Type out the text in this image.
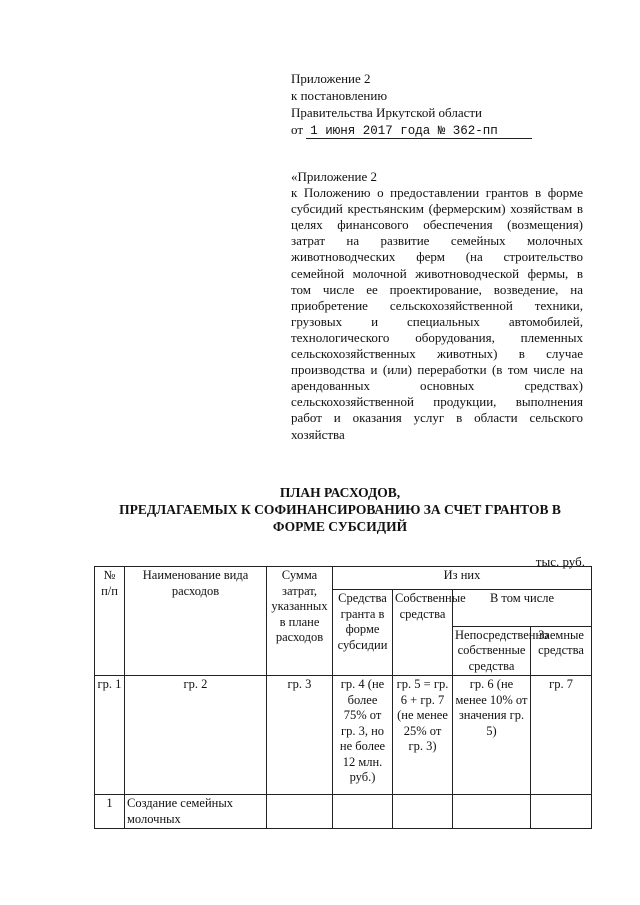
Приложение 2
к постановлению
Правительства Иркутской области
от 1 июня 2017 года № 362-пп
«Приложение 2
к Положению о предоставлении грантов в форме субсидий крестьянским (фермерским) хозяйствам в целях финансового обеспечения (возмещения) затрат на развитие семейных молочных животноводческих ферм (на строительство семейной молочной животноводческой фермы, в том числе ее проектирование, возведение, на приобретение сельскохозяйственной техники, грузовых и специальных автомобилей, технологического оборудования, племенных сельскохозяйственных животных) в случае производства и (или) переработки (в том числе на арендованных основных средствах) сельскохозяйственной продукции, выполнения работ и оказания услуг в области сельского хозяйства
ПЛАН РАСХОДОВ,
ПРЕДЛАГАЕМЫХ К СОФИНАНСИРОВАНИЮ ЗА СЧЕТ ГРАНТОВ В
ФОРМЕ СУБСИДИЙ
тыс. руб.
№ п/п	Наименование вида расходов	Сумма затрат, указанных в плане расходов	Из них			
			Средства гранта в форме субсидии	Собственные средства	В том числе	
					Непосредственно собственные средства	Заемные средства
гр. 1	гр. 2	гр. 3	гр. 4 (не более 75% от гр. 3, но не более 12 млн. руб.)	гр. 5 = гр. 6 + гр. 7 (не менее 25% от гр. 3)	гр. 6 (не менее 10% от значения гр. 5)	гр. 7
1	Создание семейных молочных					
